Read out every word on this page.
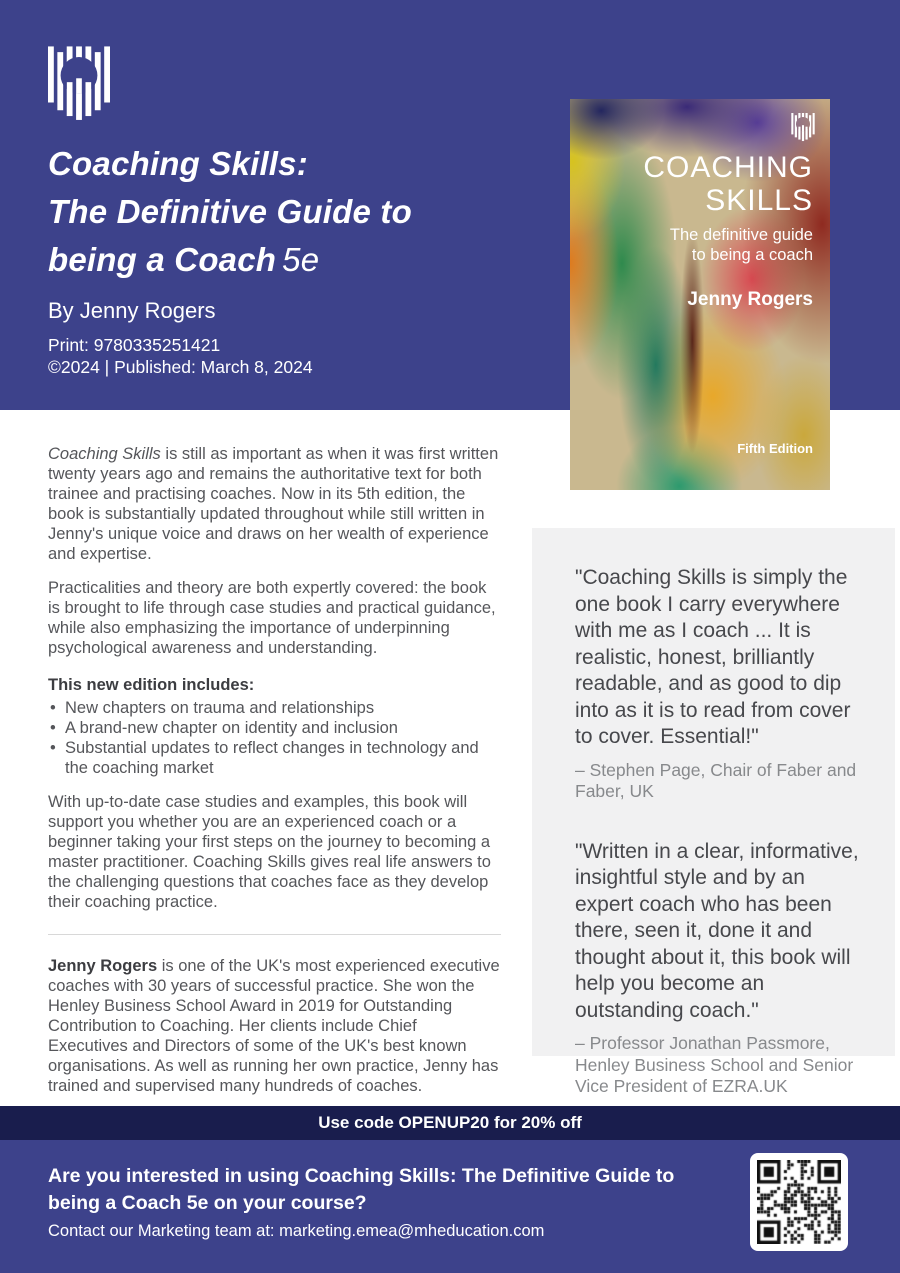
Coaching Skills:
The Definitive Guide to
being a Coach 5e
By Jenny Rogers
Print: 9780335251421
©2024 | Published: March 8, 2024
COACHING
SKILLS
The definitive guide
to being a coach
Jenny Rogers
Fifth Edition

Coaching Skills is still as important as when it was first written twenty years ago and remains the authoritative text for both trainee and practising coaches. Now in its 5th edition, the book is substantially updated throughout while still written in Jenny's unique voice and draws on her wealth of experience and expertise.

Practicalities and theory are both expertly covered: the book is brought to life through case studies and practical guidance, while also emphasizing the importance of underpinning psychological awareness and understanding.

This new edition includes:
• New chapters on trauma and relationships
• A brand-new chapter on identity and inclusion
• Substantial updates to reflect changes in technology and the coaching market

With up-to-date case studies and examples, this book will support you whether you are an experienced coach or a beginner taking your first steps on the journey to becoming a master practitioner. Coaching Skills gives real life answers to the challenging questions that coaches face as they develop their coaching practice.

Jenny Rogers is one of the UK's most experienced executive coaches with 30 years of successful practice. She won the Henley Business School Award in 2019 for Outstanding Contribution to Coaching. Her clients include Chief Executives and Directors of some of the UK's best known organisations. As well as running her own practice, Jenny has trained and supervised many hundreds of coaches.

"Coaching Skills is simply the one book I carry everywhere with me as I coach ... It is realistic, honest, brilliantly readable, and as good to dip into as it is to read from cover to cover. Essential!"
– Stephen Page, Chair of Faber and Faber, UK
"Written in a clear, informative, insightful style and by an expert coach who has been there, seen it, done it and thought about it, this book will help you become an outstanding coach."
– Professor Jonathan Passmore, Henley Business School and Senior Vice President of EZRA.UK
Use code OPENUP20 for 20% off
Are you interested in using Coaching Skills: The Definitive Guide to being a Coach 5e on your course?
Contact our Marketing team at: marketing.emea@mheducation.com
